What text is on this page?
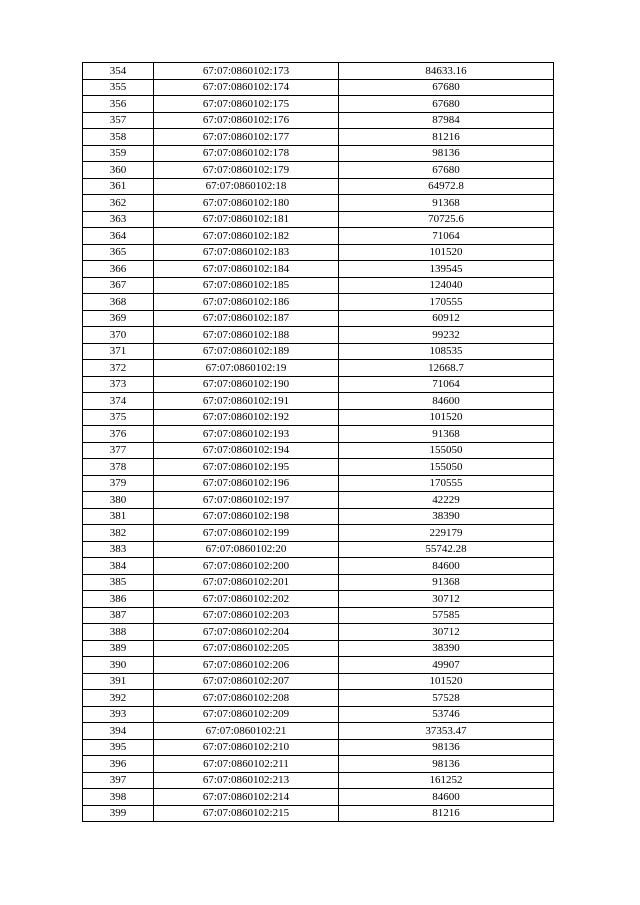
354	67:07:0860102:173	84633.16
355	67:07:0860102:174	67680
356	67:07:0860102:175	67680
357	67:07:0860102:176	87984
358	67:07:0860102:177	81216
359	67:07:0860102:178	98136
360	67:07:0860102:179	67680
361	67:07:0860102:18	64972.8
362	67:07:0860102:180	91368
363	67:07:0860102:181	70725.6
364	67:07:0860102:182	71064
365	67:07:0860102:183	101520
366	67:07:0860102:184	139545
367	67:07:0860102:185	124040
368	67:07:0860102:186	170555
369	67:07:0860102:187	60912
370	67:07:0860102:188	99232
371	67:07:0860102:189	108535
372	67:07:0860102:19	12668.7
373	67:07:0860102:190	71064
374	67:07:0860102:191	84600
375	67:07:0860102:192	101520
376	67:07:0860102:193	91368
377	67:07:0860102:194	155050
378	67:07:0860102:195	155050
379	67:07:0860102:196	170555
380	67:07:0860102:197	42229
381	67:07:0860102:198	38390
382	67:07:0860102:199	229179
383	67:07:0860102:20	55742.28
384	67:07:0860102:200	84600
385	67:07:0860102:201	91368
386	67:07:0860102:202	30712
387	67:07:0860102:203	57585
388	67:07:0860102:204	30712
389	67:07:0860102:205	38390
390	67:07:0860102:206	49907
391	67:07:0860102:207	101520
392	67:07:0860102:208	57528
393	67:07:0860102:209	53746
394	67:07:0860102:21	37353.47
395	67:07:0860102:210	98136
396	67:07:0860102:211	98136
397	67:07:0860102:213	161252
398	67:07:0860102:214	84600
399	67:07:0860102:215	81216
